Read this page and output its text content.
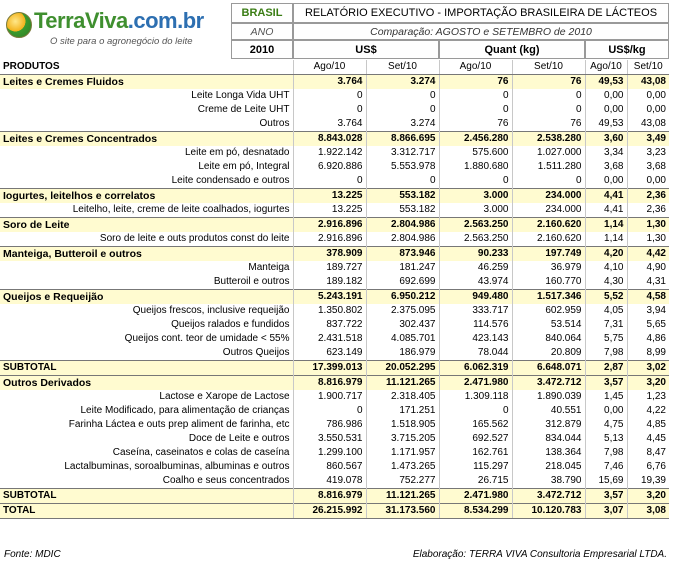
TerraViva.com.br
O site para o agronegócio do leite
BRASIL
ANO
2010
RELATÓRIO EXECUTIVO - IMPORTAÇÃO BRASILEIRA DE LÁCTEOS
Comparação: AGOSTO e SETEMBRO de 2010
US$	Quant (kg)	US$/kg
PRODUTOS	Ago/10	Set/10	Ago/10	Set/10	Ago/10	Set/10
Leites e Cremes Fluidos	3.764	3.274	76	76	49,53	43,08
Leite Longa Vida UHT	0	0	0	0	0,00	0,00
Creme de Leite UHT	0	0	0	0	0,00	0,00
Outros	3.764	3.274	76	76	49,53	43,08
Leites e Cremes Concentrados	8.843.028	8.866.695	2.456.280	2.538.280	3,60	3,49
Leite em pó, desnatado	1.922.142	3.312.717	575.600	1.027.000	3,34	3,23
Leite em pó, Integral	6.920.886	5.553.978	1.880.680	1.511.280	3,68	3,68
Leite condensado e outros	0	0	0	0	0,00	0,00
Iogurtes, leitelhos e correlatos	13.225	553.182	3.000	234.000	4,41	2,36
Leitelho, leite, creme de leite coalhados, iogurtes	13.225	553.182	3.000	234.000	4,41	2,36
Soro de Leite	2.916.896	2.804.986	2.563.250	2.160.620	1,14	1,30
Soro de leite e outs produtos const do leite	2.916.896	2.804.986	2.563.250	2.160.620	1,14	1,30
Manteiga, Butteroil e outros	378.909	873.946	90.233	197.749	4,20	4,42
Manteiga	189.727	181.247	46.259	36.979	4,10	4,90
Butteroil e outros	189.182	692.699	43.974	160.770	4,30	4,31
Queijos e Requeijão	5.243.191	6.950.212	949.480	1.517.346	5,52	4,58
Queijos frescos, inclusive requeijão	1.350.802	2.375.095	333.717	602.959	4,05	3,94
Queijos ralados e fundidos	837.722	302.437	114.576	53.514	7,31	5,65
Queijos cont. teor de umidade < 55%	2.431.518	4.085.701	423.143	840.064	5,75	4,86
Outros Queijos	623.149	186.979	78.044	20.809	7,98	8,99
SUBTOTAL	17.399.013	20.052.295	6.062.319	6.648.071	2,87	3,02
Outros Derivados	8.816.979	11.121.265	2.471.980	3.472.712	3,57	3,20
Lactose e Xarope de Lactose	1.900.717	2.318.405	1.309.118	1.890.039	1,45	1,23
Leite Modificado, para alimentação de crianças	0	171.251	0	40.551	0,00	4,22
Farinha Láctea e outs prep aliment de farinha, etc	786.986	1.518.905	165.562	312.879	4,75	4,85
Doce de Leite e outros	3.550.531	3.715.205	692.527	834.044	5,13	4,45
Caseína, caseinatos e colas de caseína	1.299.100	1.171.957	162.761	138.364	7,98	8,47
Lactalbuminas, soroalbuminas, albuminas e outros	860.567	1.473.265	115.297	218.045	7,46	6,76
Coalho e seus concentrados	419.078	752.277	26.715	38.790	15,69	19,39
SUBTOTAL	8.816.979	11.121.265	2.471.980	3.472.712	3,57	3,20
TOTAL	26.215.992	31.173.560	8.534.299	10.120.783	3,07	3,08
Fonte: MDIC	Elaboração: TERRA VIVA Consultoria Empresarial LTDA.
